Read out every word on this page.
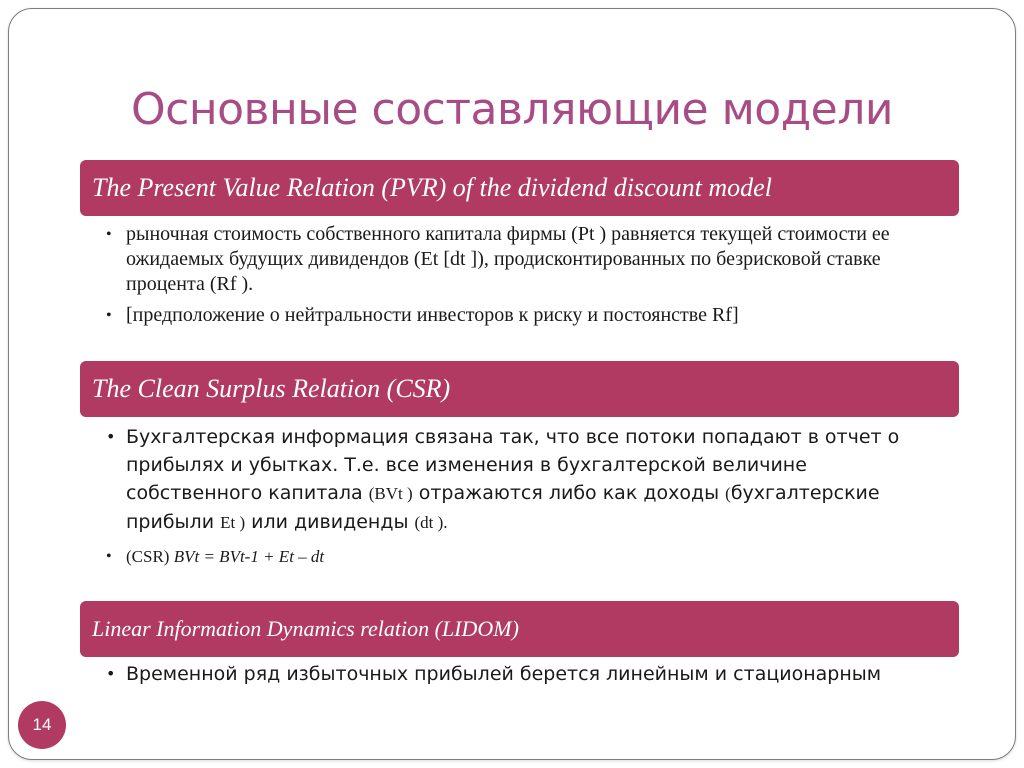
Основные составляющие модели
The Present Value Relation (PVR) of the dividend discount model
• рыночная стоимость собственного капитала фирмы (Pt ) равняется текущей стоимости ее ожидаемых будущих дивидендов (Et [dt ]), продисконтированных по безрисковой ставке процента (Rf ).
• [предположение о нейтральности инвесторов к риску и постоянстве Rf]
The Clean Surplus Relation (CSR)
• Бухгалтерская информация связана так, что все потоки попадают в отчет о прибылях и убытках. Т.е. все изменения в бухгалтерской величине собственного капитала (BVt ) отражаются либо как доходы (бухгалтерские прибыли Et ) или дивиденды (dt ).
• (CSR) BVt = BVt-1 + Et – dt
Linear Information Dynamics relation (LIDOM)
• Временной ряд избыточных прибылей берется линейным и стационарным
14
